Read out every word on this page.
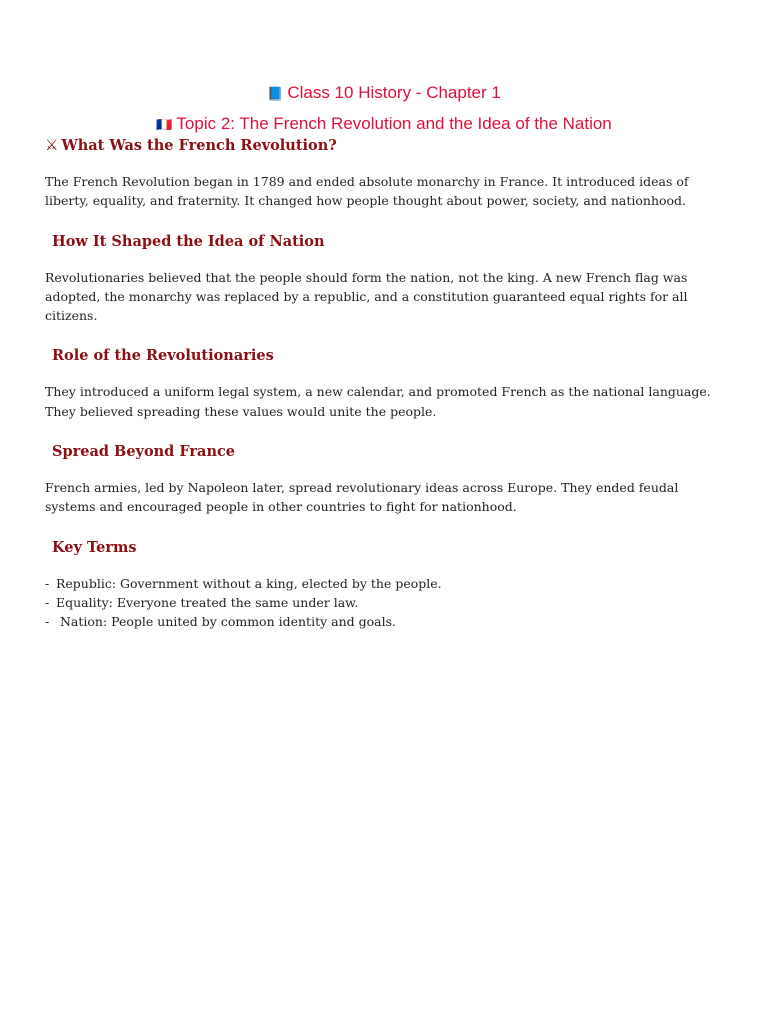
📘 Class 10 History - Chapter 1
🇫🇷 Topic 2: The French Revolution and the Idea of the Nation
⚔ What Was the French Revolution?

The French Revolution began in 1789 and ended absolute monarchy in France. It introduced ideas of liberty, equality, and fraternity. It changed how people thought about power, society, and nationhood.

How It Shaped the Idea of Nation

Revolutionaries believed that the people should form the nation, not the king. A new French flag was adopted, the monarchy was replaced by a republic, and a constitution guaranteed equal rights for all citizens.

Role of the Revolutionaries

They introduced a uniform legal system, a new calendar, and promoted French as the national language. They believed spreading these values would unite the people.

Spread Beyond France

French armies, led by Napoleon later, spread revolutionary ideas across Europe. They ended feudal systems and encouraged people in other countries to fight for nationhood.

Key Terms
- Republic: Government without a king, elected by the people.
- Equality: Everyone treated the same under law.
- Nation: People united by common identity and goals.
